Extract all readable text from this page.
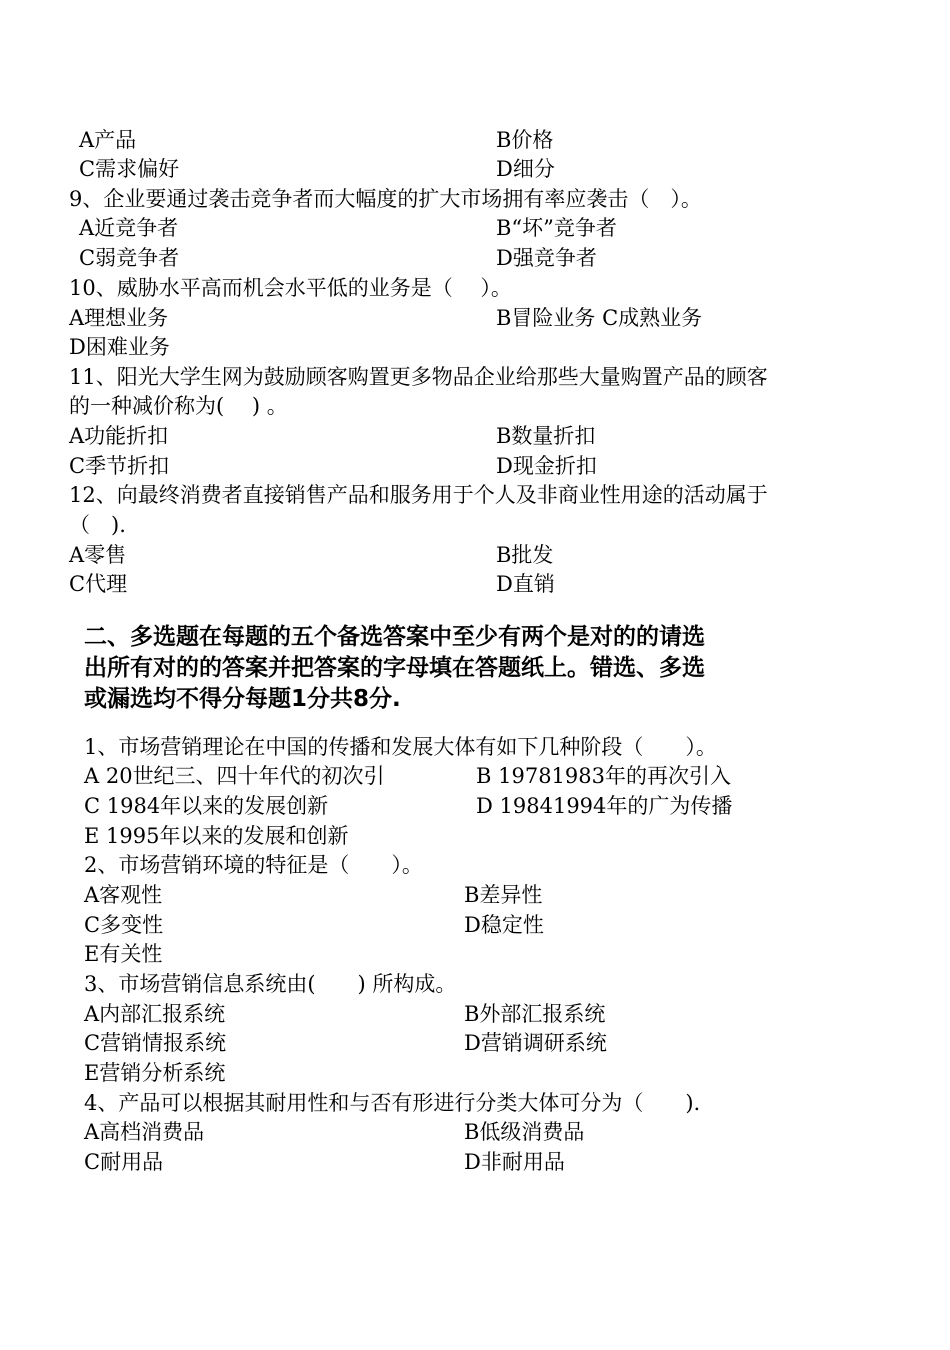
A产品	B价格
C需求偏好	D细分
9、企业要通过袭击竞争者而大幅度的扩大市场拥有率应袭击（　）。
A近竞争者	B“坏”竞争者
C弱竞争者	D强竞争者
10、威胁水平高而机会水平低的业务是（　 ）。
A理想业务	B冒险业务 C成熟业务
D困难业务
11、阳光大学生网为鼓励顾客购置更多物品企业给那些大量购置产品的顾客
的一种减价称为(　 ) 。
A功能折扣	B数量折扣
C季节折扣	D现金折扣
12、向最终消费者直接销售产品和服务用于个人及非商业性用途的活动属于
（　).
A零售	B批发
C代理	D直销
二、多选题在每题的五个备选答案中至少有两个是对的的请选
出所有对的的答案并把答案的字母填在答题纸上。错选、多选
或漏选均不得分每题1分共8分.
1、市场营销理论在中国的传播和发展大体有如下几种阶段（　　）。
A 20世纪三、四十年代的初次引	B 19781983年的再次引入
C 1984年以来的发展创新	D 19841994年的广为传播
E 1995年以来的发展和创新
2、市场营销环境的特征是（　　）。
A客观性	B差异性
C多变性	D稳定性
E有关性
3、市场营销信息系统由(　　) 所构成。
A内部汇报系统	B外部汇报系统
C营销情报系统	D营销调研系统
E营销分析系统
4、产品可以根据其耐用性和与否有形进行分类大体可分为（　　).
A高档消费品	B低级消费品
C耐用品	D非耐用品
